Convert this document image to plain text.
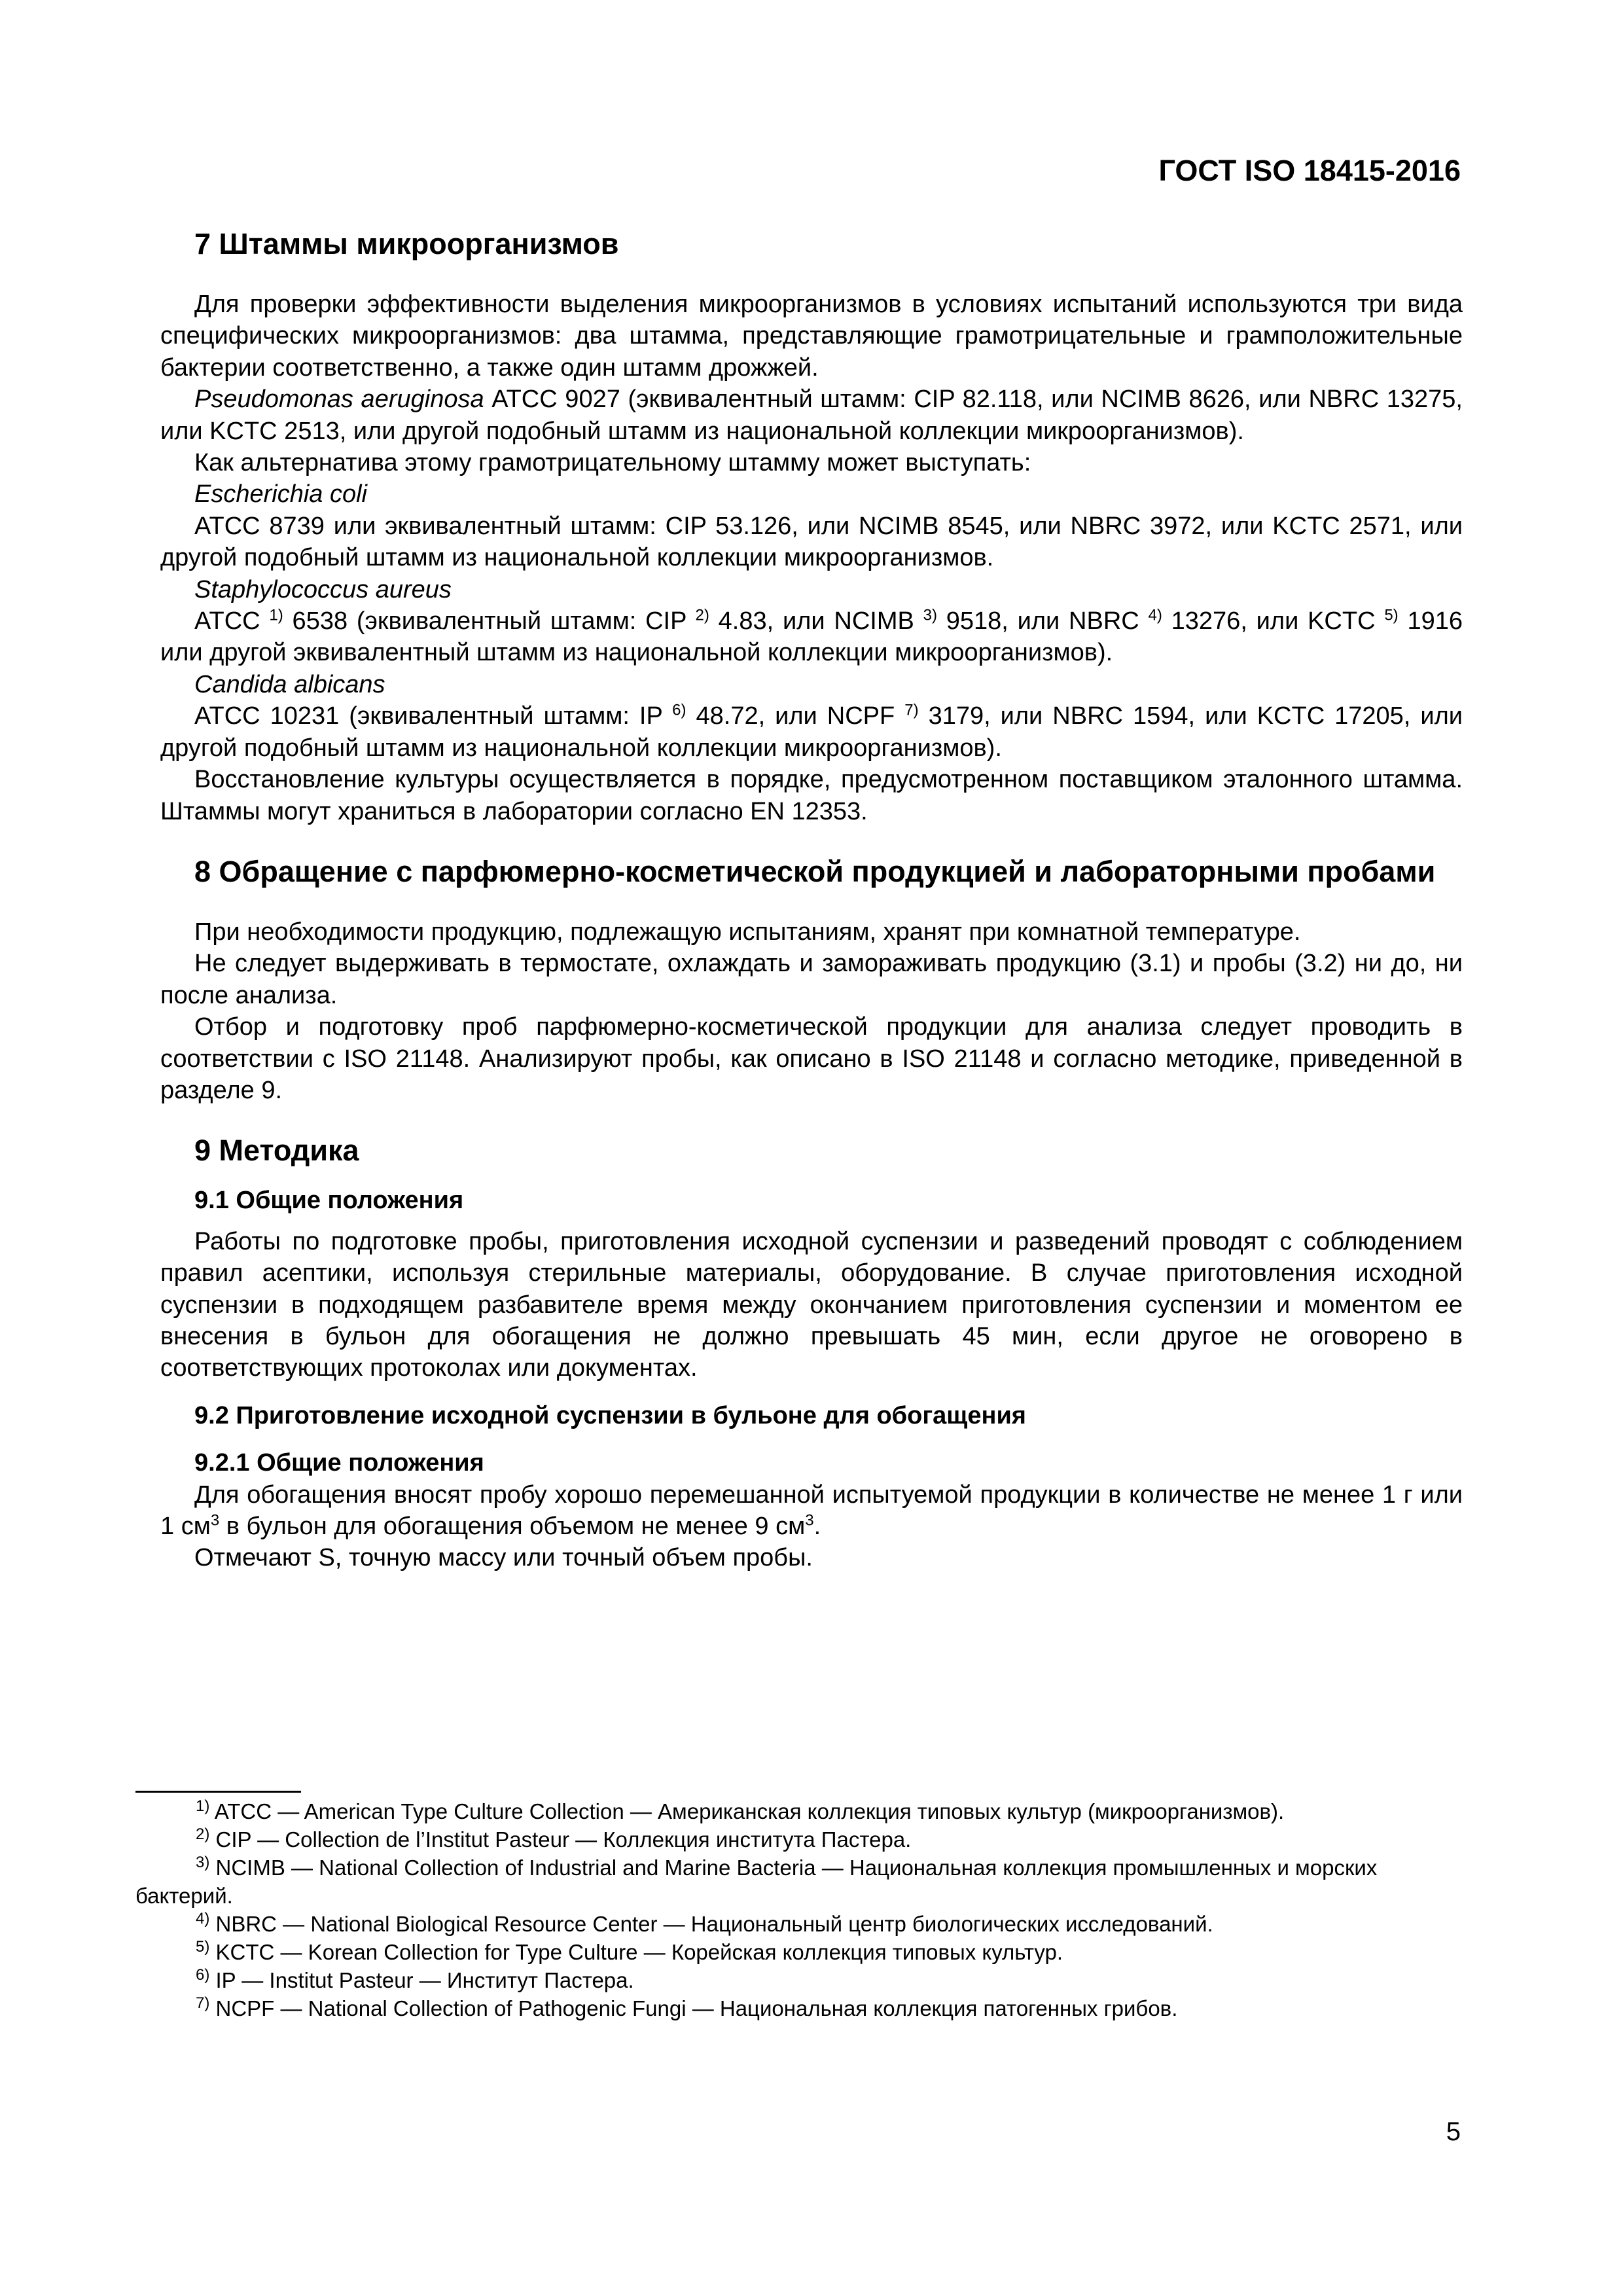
ГОСТ ISO 18415-2016
7 Штаммы микроорганизмов

Для проверки эффективности выделения микроорганизмов в условиях испытаний используются три вида специфических микроорганизмов: два штамма, представляющие грамотрицательные и грамположительные бактерии соответственно, а также один штамм дрожжей.

Pseudomonas aeruginosa АТСС 9027 (эквивалентный штамм: CIP 82.118, или NCIMB 8626, или NBRC 13275, или KCTC 2513, или другой подобный штамм из национальной коллекции микроорганизмов).

Как альтернатива этому грамотрицательному штамму может выступать:

Escherichia coli

ATCC 8739 или эквивалентный штамм: CIP 53.126, или NCIMB 8545, или NBRC 3972, или KCTC 2571, или другой подобный штамм из национальной коллекции микроорганизмов.

Staphylococcus aureus

ATCC $^{1)}$ 6538 (эквивалентный штамм: CIP $^{2)}$ 4.83, или NCIMB $^{3)}$ 9518, или NBRC $^{4)}$ 13276, или KCTC $^{5)}$ 1916 или другой эквивалентный штамм из национальной коллекции микроорганизмов).

Candida albicans

ATCC 10231 (эквивалентный штамм: IP $^{6)}$ 48.72, или NCPF $^{7)}$ 3179, или NBRC 1594, или KCTC 17205, или другой подобный штамм из национальной коллекции микроорганизмов).

Восстановление культуры осуществляется в порядке, предусмотренном поставщиком эталонного штамма. Штаммы могут храниться в лаборатории согласно EN 12353.

8 Обращение с парфюмерно-косметической продукцией и лабораторными пробами

При необходимости продукцию, подлежащую испытаниям, хранят при комнатной температуре.

Не следует выдерживать в термостате, охлаждать и замораживать продукцию (3.1) и пробы (3.2) ни до, ни после анализа.

Отбор и подготовку проб парфюмерно-косметической продукции для анализа следует проводить в соответствии с ISO 21148. Анализируют пробы, как описано в ISO 21148 и согласно методике, приведенной в разделе 9.

9 Методика
9.1 Общие положения

Работы по подготовке пробы, приготовления исходной суспензии и разведений проводят с соблюдением правил асептики, используя стерильные материалы, оборудование. В случае приготовления исходной суспензии в подходящем разбавителе время между окончанием приготовления суспензии и моментом ее внесения в бульон для обогащения не должно превышать 45 мин, если другое не оговорено в соответствующих протоколах или документах.

9.2 Приготовление исходной суспензии в бульоне для обогащения
9.2.1 Общие положения

Для обогащения вносят пробу хорошо перемешанной испытуемой продукции в количестве не менее 1 г или 1 $см^3$ в бульон для обогащения объемом не менее 9 $см^3$.

Отмечают S, точную массу или точный объем пробы.

$^{1)}$ ATCC — American Type Culture Collection — Американская коллекция типовых культур (микроорганизмов).

$^{2)}$ CIP — Collection de l’Institut Pasteur — Коллекция института Пастера.

$^{3)}$ NCIMB — National Collection of Industrial and Marine Bacteria — Национальная коллекция промышленных и морских бактерий.

$^{4)}$ NBRC — National Biological Resource Center — Национальный центр биологических исследований.

$^{5)}$ KCTC — Korean Collection for Type Culture — Корейская коллекция типовых культур.

$^{6)}$ IP — Institut Pasteur — Институт Пастера.

$^{7)}$ NCPF — National Collection of Pathogenic Fungi — Национальная коллекция патогенных грибов.

5
